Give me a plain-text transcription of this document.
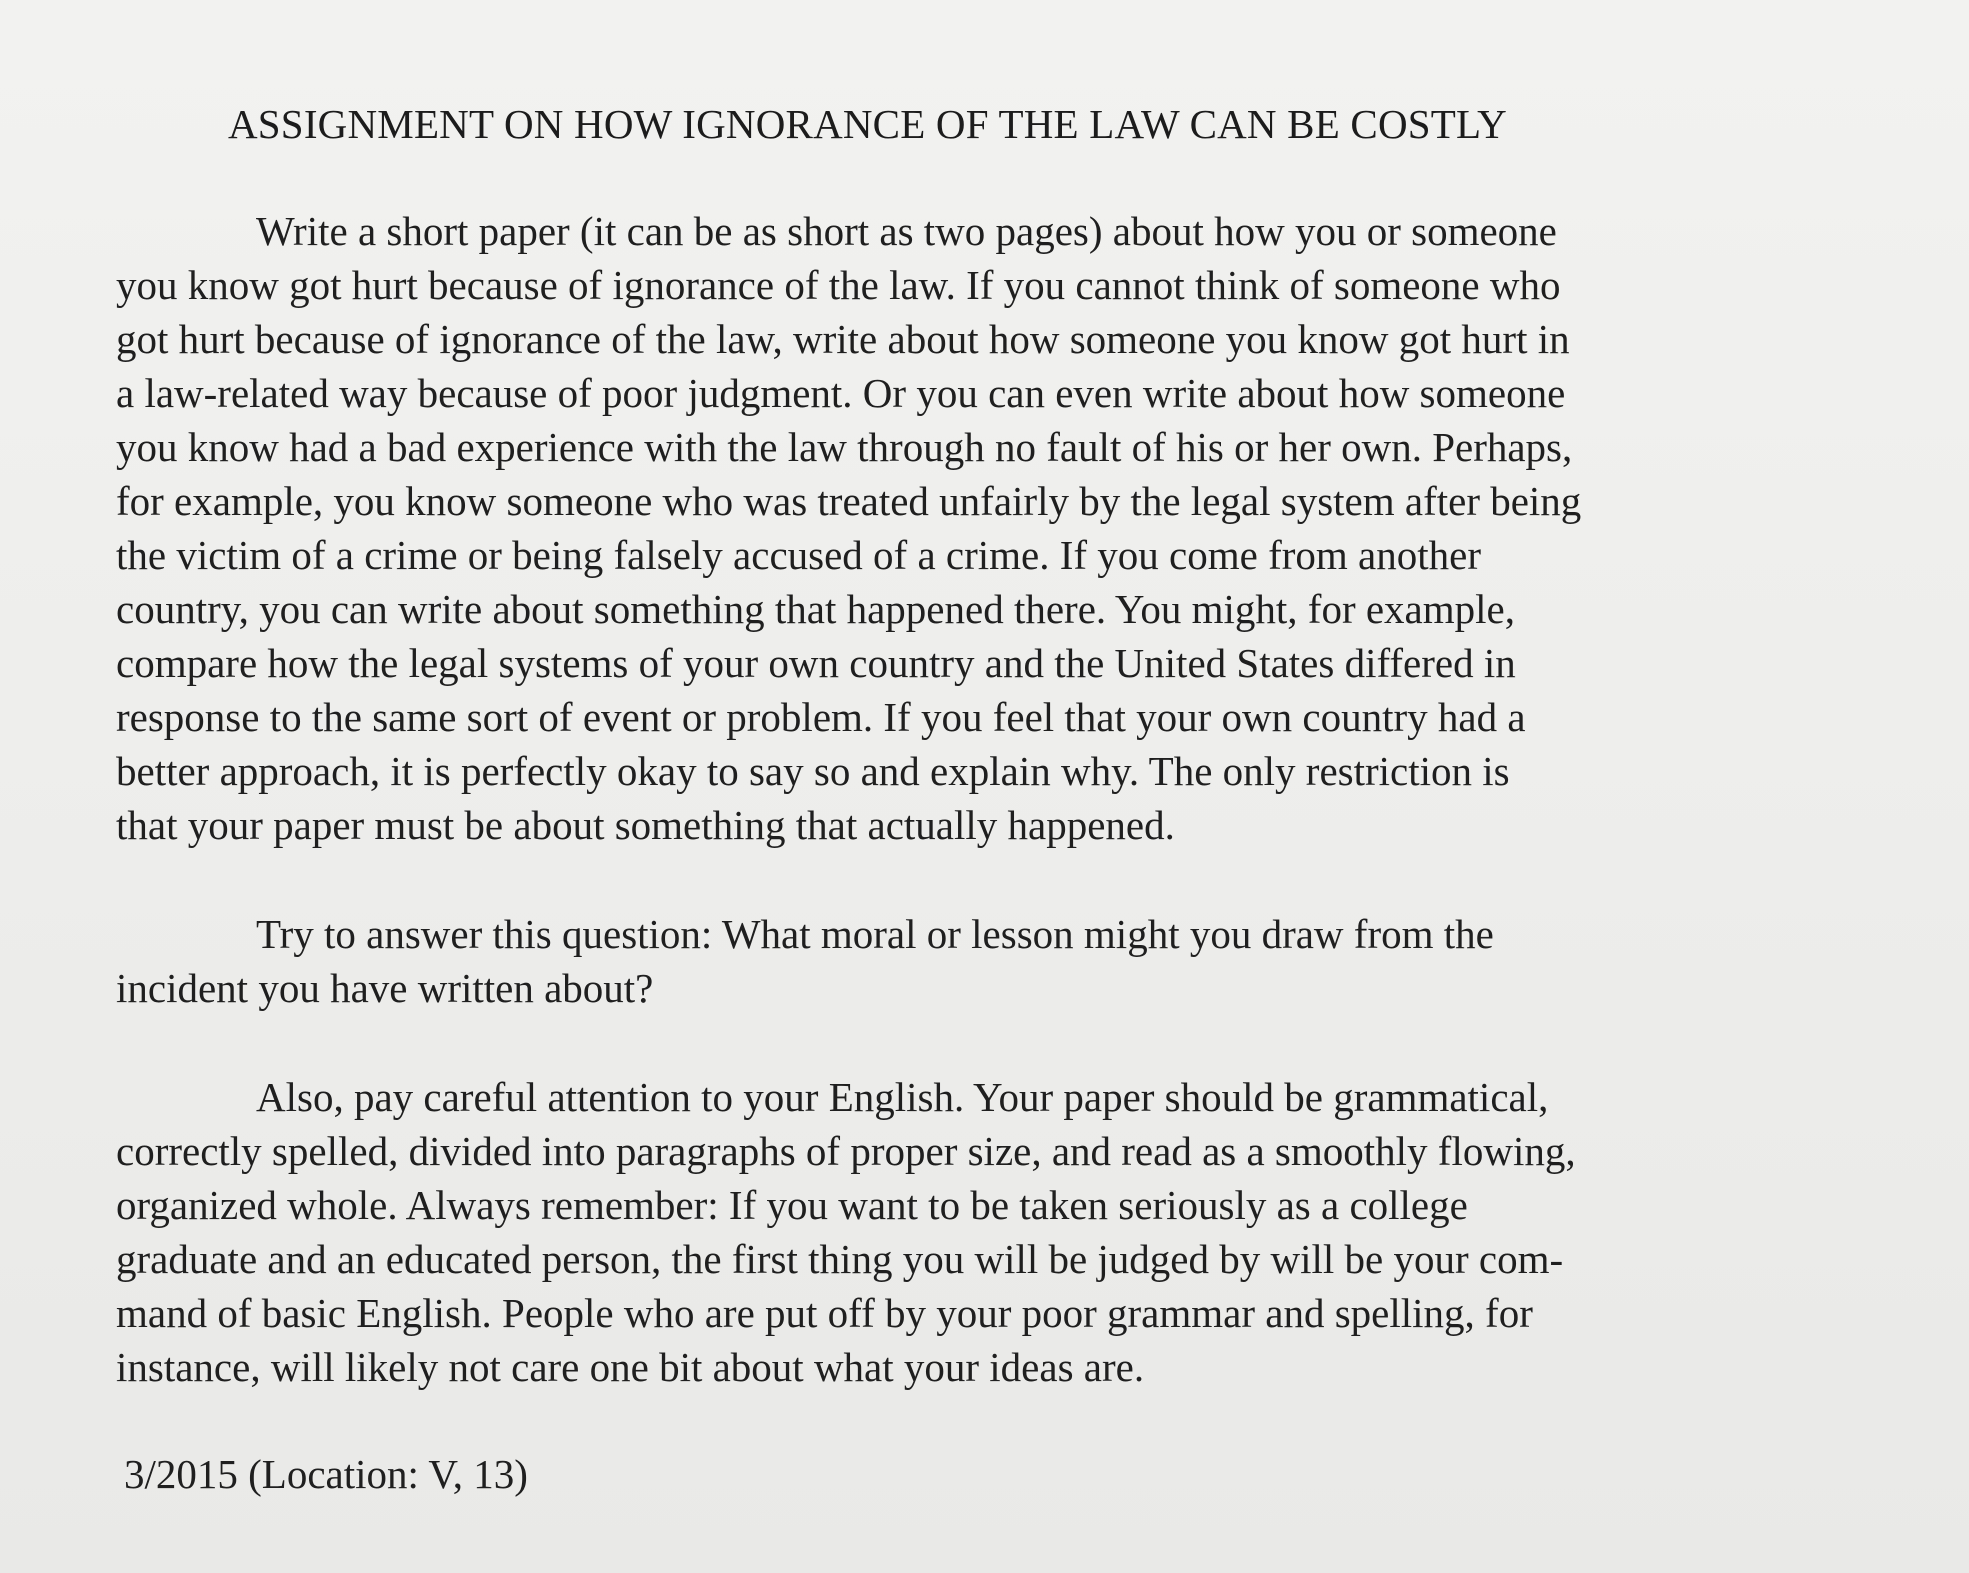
ASSIGNMENT ON HOW IGNORANCE OF THE LAW CAN BE COSTLY
Write a short paper (it can be as short as two pages) about how you or someone
you know got hurt because of ignorance of the law. If you cannot think of someone who
got hurt because of ignorance of the law, write about how someone you know got hurt in
a law-related way because of poor judgment. Or you can even write about how someone
you know had a bad experience with the law through no fault of his or her own. Perhaps,
for example, you know someone who was treated unfairly by the legal system after being
the victim of a crime or being falsely accused of a crime. If you come from another
country, you can write about something that happened there. You might, for example,
compare how the legal systems of your own country and the United States differed in
response to the same sort of event or problem. If you feel that your own country had a
better approach, it is perfectly okay to say so and explain why. The only restriction is
that your paper must be about something that actually happened.
Try to answer this question: What moral or lesson might you draw from the
incident you have written about?
Also, pay careful attention to your English. Your paper should be grammatical,
correctly spelled, divided into paragraphs of proper size, and read as a smoothly flowing,
organized whole. Always remember: If you want to be taken seriously as a college
graduate and an educated person, the first thing you will be judged by will be your com-
mand of basic English. People who are put off by your poor grammar and spelling, for
instance, will likely not care one bit about what your ideas are.

3/2015 (Location: V, 13)
